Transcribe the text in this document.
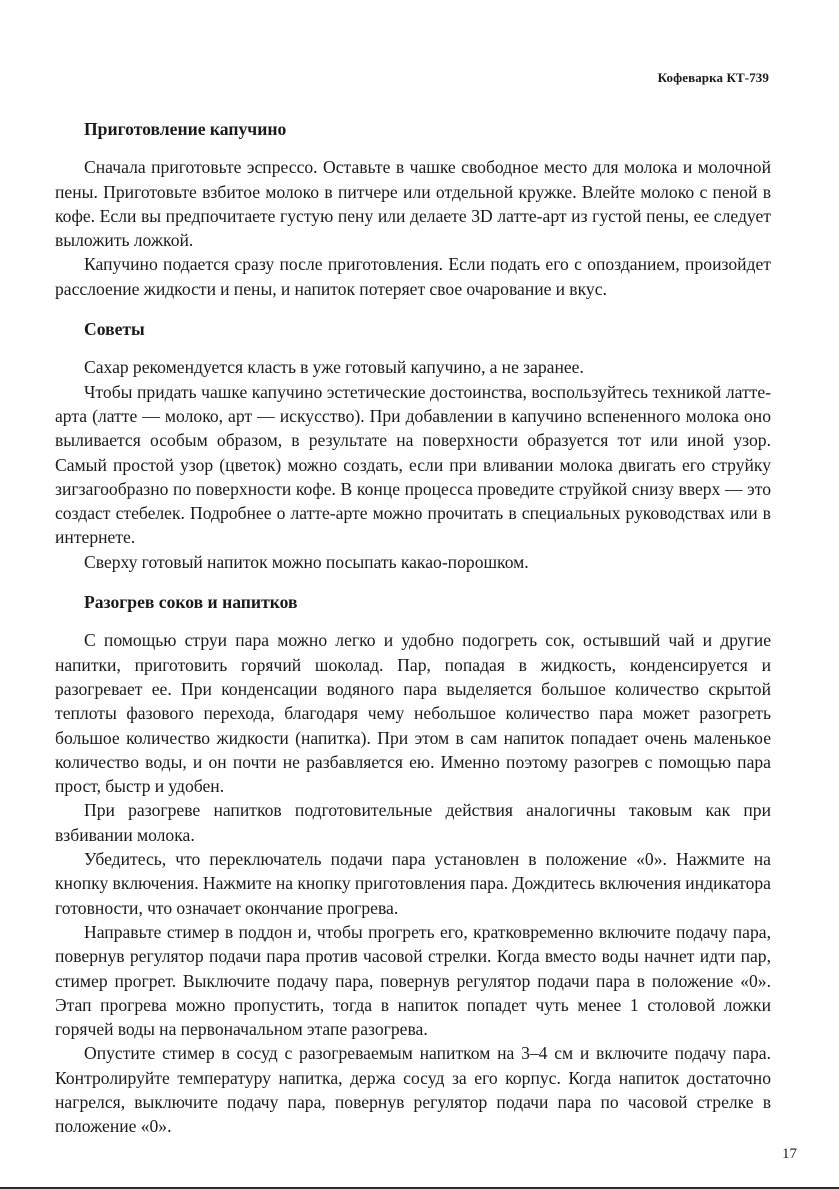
Кофеварка КТ-739
Приготовление капучино

Сначала приготовьте эспрессо. Оставьте в чашке свободное место для молока и молочной пены. Приготовьте взбитое молоко в питчере или отдельной кружке. Влейте молоко с пеной в кофе. Если вы предпочитаете густую пену или делаете 3D латте-арт из густой пены, ее следует выложить ложкой.

Капучино подается сразу после приготовления. Если подать его с опозданием, произойдет расслоение жидкости и пены, и напиток потеряет свое очарование и вкус.

Советы

Сахар рекомендуется класть в уже готовый капучино, а не заранее.

Чтобы придать чашке капучино эстетические достоинства, воспользуйтесь техникой латте-арта (латте — молоко, арт — искусство). При добавлении в капучино вспененного молока оно выливается особым образом, в результате на поверхности образуется тот или иной узор. Самый простой узор (цветок) можно создать, если при вливании молока двигать его струйку зигзагообразно по поверхности кофе. В конце процесса проведите струйкой снизу вверх — это создаст стебелек. Подробнее о латте-арте можно прочитать в специальных руководствах или в интернете.

Сверху готовый напиток можно посыпать какао-порошком.

Разогрев соков и напитков

С помощью струи пара можно легко и удобно подогреть сок, остывший чай и другие напитки, приготовить горячий шоколад. Пар, попадая в жидкость, конденсируется и разогревает ее. При конденсации водяного пара выделяется большое количество скрытой теплоты фазового перехода, благодаря чему небольшое количество пара может разогреть большое количество жидкости (напитка). При этом в сам напиток попадает очень маленькое количество воды, и он почти не разбавляется ею. Именно поэтому разогрев с помощью пара прост, быстр и удобен.

При разогреве напитков подготовительные действия аналогичны таковым как при взбивании молока.

Убедитесь, что переключатель подачи пара установлен в положение «0». Нажмите на кнопку включения. Нажмите на кнопку приготовления пара. Дождитесь включения индикатора готовности, что означает окончание прогрева.

Направьте стимер в поддон и, чтобы прогреть его, кратковременно включите подачу пара, повернув регулятор подачи пара против часовой стрелки. Когда вместо воды начнет идти пар, стимер прогрет. Выключите подачу пара, повернув регулятор подачи пара в положение «0». Этап прогрева можно пропустить, тогда в напиток попадет чуть менее 1 столовой ложки горячей воды на первоначальном этапе разогрева.

Опустите стимер в сосуд с разогреваемым напитком на 3–4 см и включите подачу пара. Контролируйте температуру напитка, держа сосуд за его корпус. Когда напиток достаточно нагрелся, выключите подачу пара, повернув регулятор подачи пара по часовой стрелке в положение «0».

17
